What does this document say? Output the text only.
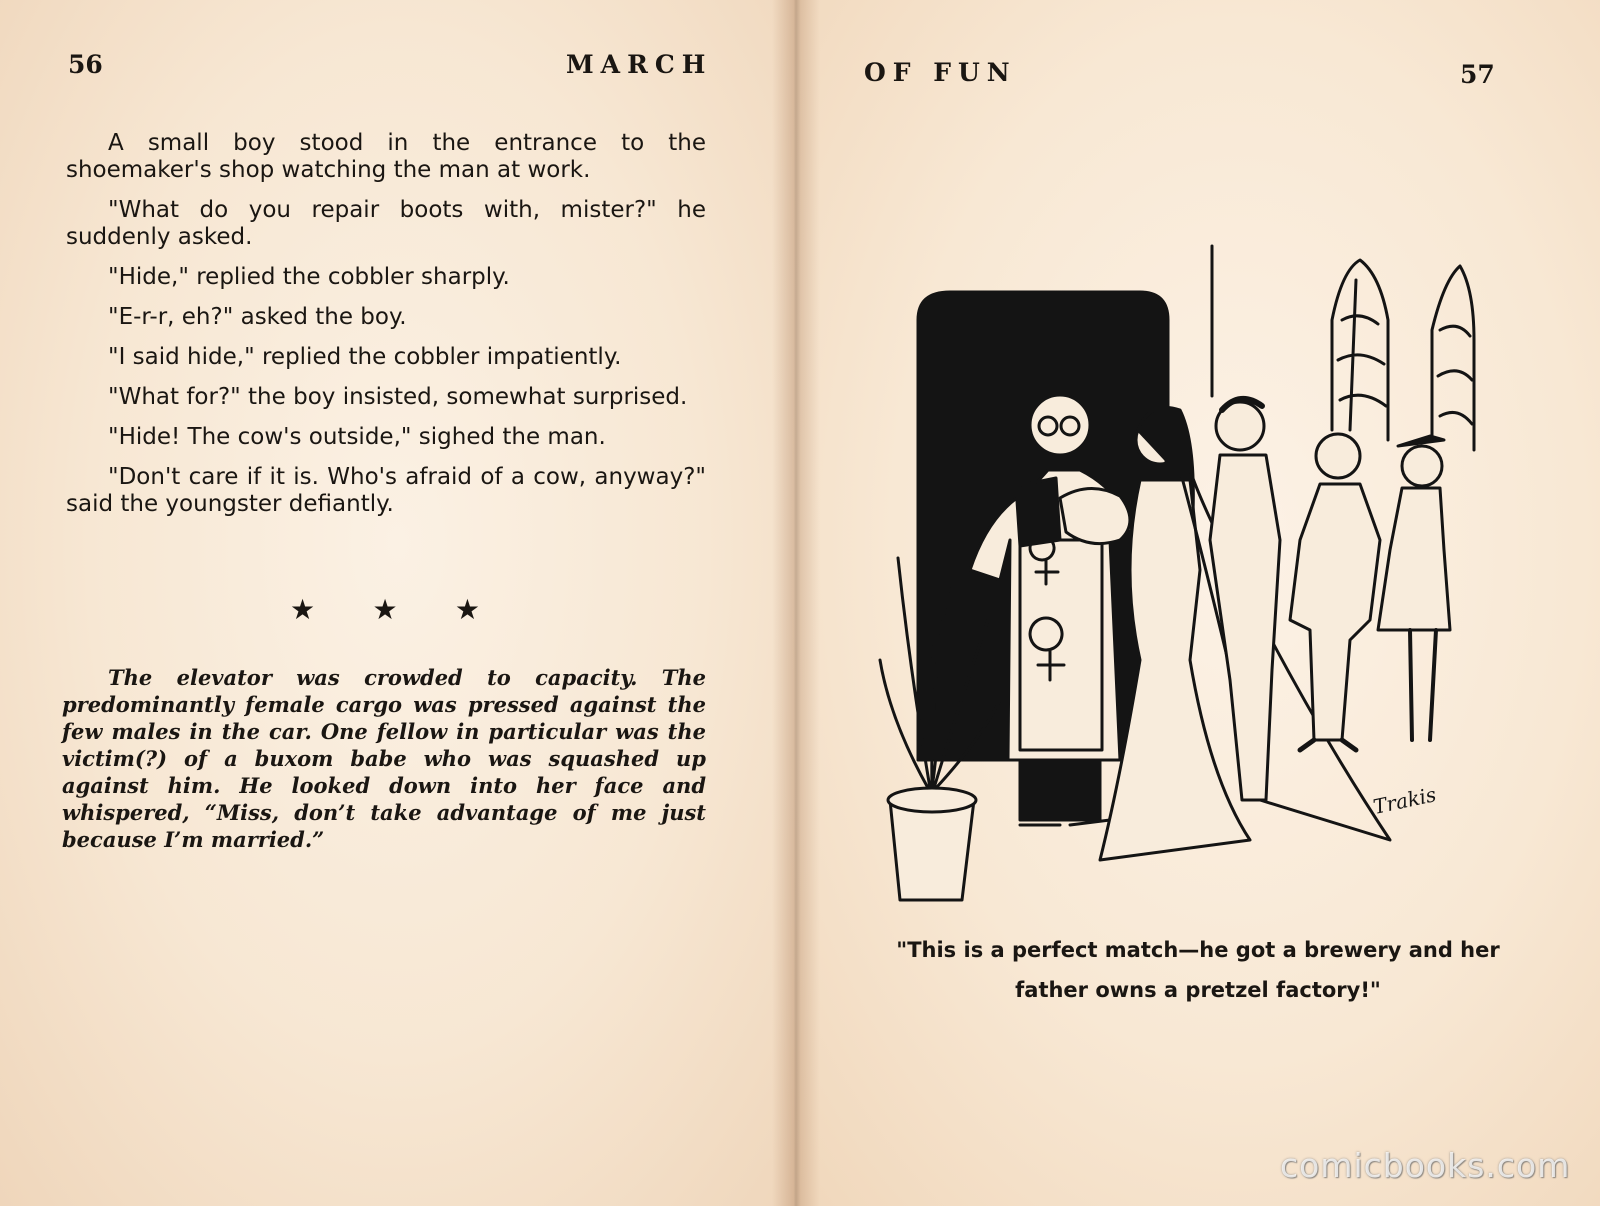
56	MARCH

A small boy stood in the entrance to the shoemaker's shop watching the man at work.

"What do you repair boots with, mister?" he suddenly asked.

"Hide," replied the cobbler sharply.

"E-r-r, eh?" asked the boy.

"I said hide," replied the cobbler impatiently.

"What for?" the boy insisted, somewhat surprised.

"Hide! The cow's outside," sighed the man.

"Don't care if it is. Who's afraid of a cow, anyway?" said the youngster defiantly.

★ ★ ★

The elevator was crowded to capacity. The predominantly female cargo was pressed against the few males in the car. One fellow in particular was the victim(?) of a buxom babe who was squashed up against him. He looked down into her face and whispered, “Miss, don’t take advantage of me just because I’m married.”

OF FUN	57
Trakis
"This is a perfect match—he got a brewery and her
father owns a pretzel factory!"
comicbooks.com
